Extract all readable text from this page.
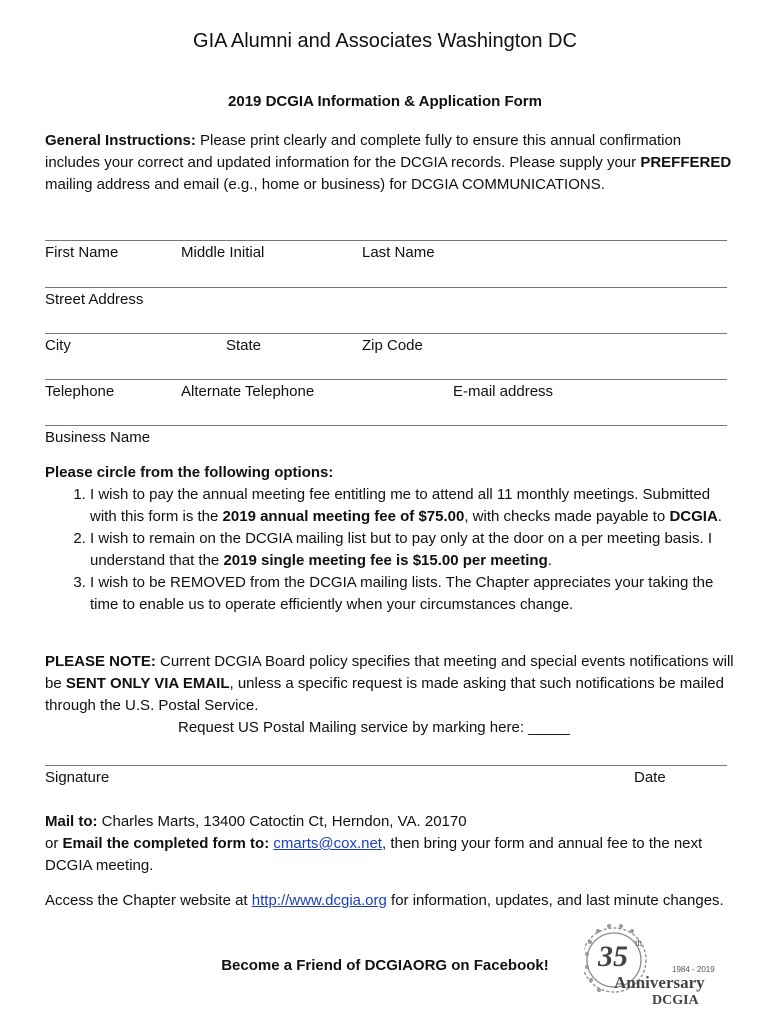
GIA Alumni and Associates Washington DC
2019 DCGIA Information & Application Form
General Instructions: Please print clearly and complete fully to ensure this annual confirmation includes your correct and updated information for the DCGIA records. Please supply your PREFFERED mailing address and email (e.g., home or business) for DCGIA COMMUNICATIONS.
First Name	Middle Initial	Last Name
Street Address
City	State	Zip Code
Telephone	Alternate Telephone	E-mail address
Business Name
Please circle from the following options:
1. I wish to pay the annual meeting fee entitling me to attend all 11 monthly meetings. Submitted with this form is the 2019 annual meeting fee of $75.00, with checks made payable to DCGIA.
2. I wish to remain on the DCGIA mailing list but to pay only at the door on a per meeting basis. I understand that the 2019 single meeting fee is $15.00 per meeting.
3. I wish to be REMOVED from the DCGIA mailing lists. The Chapter appreciates your taking the time to enable us to operate efficiently when your circumstances change.
PLEASE NOTE: Current DCGIA Board policy specifies that meeting and special events notifications will be SENT ONLY VIA EMAIL, unless a specific request is made asking that such notifications be mailed through the U.S. Postal Service.
Request US Postal Mailing service by marking here: _____
Signature	Date
Mail to: Charles Marts, 13400 Catoctin Ct, Herndon, VA. 20170
or Email the completed form to: cmarts@cox.net, then bring your form and annual fee to the next DCGIA meeting.
Access the Chapter website at http://www.dcgia.org for information, updates, and last minute changes.
Become a Friend of DCGIAORG on Facebook!	35 th
1984 - 2019
Anniversary
DCGIA
